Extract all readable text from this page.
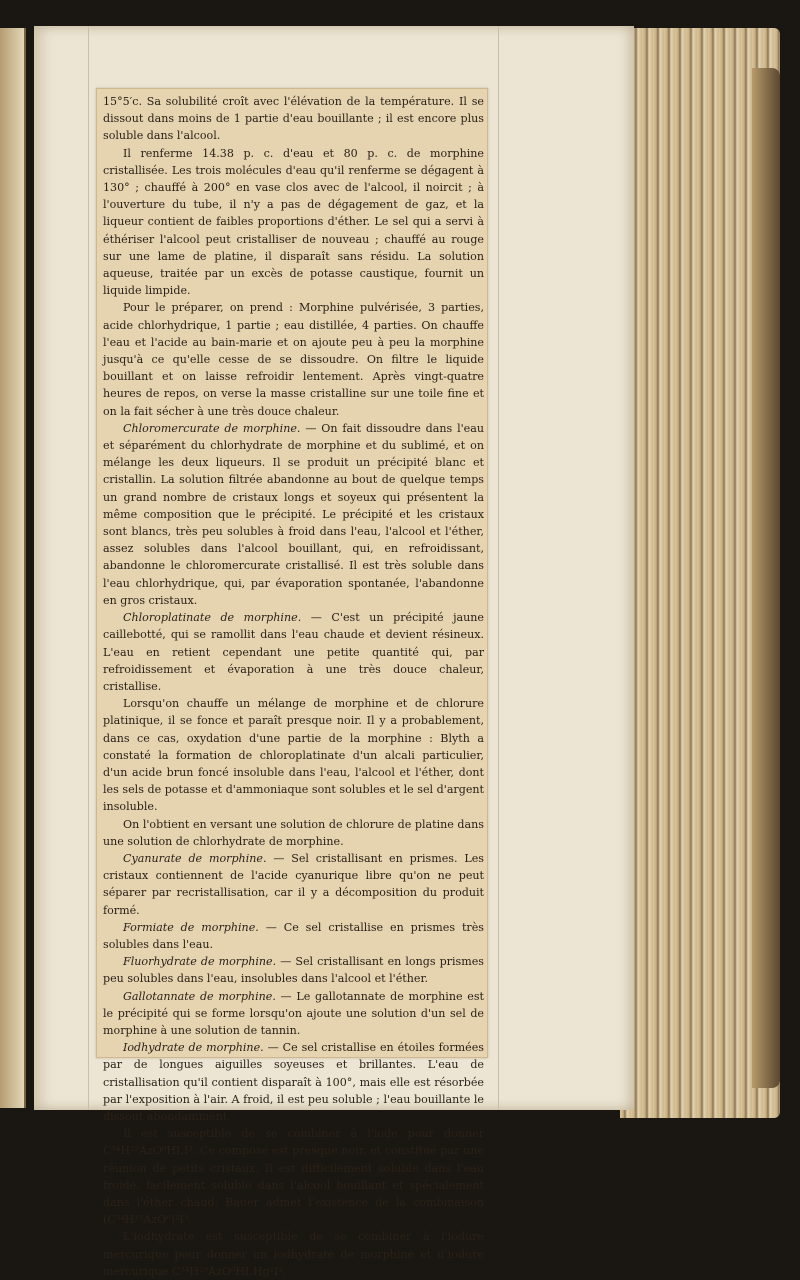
15°5′c. Sa solubilité croît avec l'élévation de la température. Il se dissout dans moins de 1 partie d'eau bouillante ; il est encore plus soluble dans l'alcool.

Il renferme 14.38 p. c. d'eau et 80 p. c. de morphine cristallisée. Les trois molécules d'eau qu'il renferme se dégagent à 130° ; chauffé à 200° en vase clos avec de l'alcool, il noircit ; à l'ouverture du tube, il n'y a pas de dégagement de gaz, et la liqueur contient de faibles proportions d'éther. Le sel qui a servi à éthériser l'alcool peut cristalliser de nouveau ; chauffé au rouge sur une lame de platine, il disparaît sans résidu. La solution aqueuse, traitée par un excès de potasse caustique, fournit un liquide limpide.

Pour le préparer, on prend : Morphine pulvérisée, 3 parties, acide chlorhydrique, 1 partie ; eau distillée, 4 parties. On chauffe l'eau et l'acide au bain-marie et on ajoute peu à peu la morphine jusqu'à ce qu'elle cesse de se dissoudre. On filtre le liquide bouillant et on laisse refroidir lentement. Après vingt-quatre heures de repos, on verse la masse cristalline sur une toile fine et on la fait sécher à une très douce chaleur.

Chloromercurate de morphine. — On fait dissoudre dans l'eau et séparément du chlorhydrate de morphine et du sublimé, et on mélange les deux liqueurs. Il se produit un précipité blanc et cristallin. La solution filtrée abandonne au bout de quelque temps un grand nombre de cristaux longs et soyeux qui présentent la même composition que le précipité. Le précipité et les cristaux sont blancs, très peu solubles à froid dans l'eau, l'alcool et l'éther, assez solubles dans l'alcool bouillant, qui, en refroidissant, abandonne le chloromercurate cristallisé. Il est très soluble dans l'eau chlorhydrique, qui, par évaporation spontanée, l'abandonne en gros cristaux.

Chloroplatinate de morphine. — C'est un précipité jaune caillebotté, qui se ramollit dans l'eau chaude et devient résineux. L'eau en retient cependant une petite quantité qui, par refroidissement et évaporation à une très douce chaleur, cristallise.

Lorsqu'on chauffe un mélange de morphine et de chlorure platinique, il se fonce et paraît presque noir. Il y a probablement, dans ce cas, oxydation d'une partie de la morphine : Blyth a constaté la formation de chloroplatinate d'un alcali particulier, d'un acide brun foncé insoluble dans l'eau, l'alcool et l'éther, dont les sels de potasse et d'ammoniaque sont solubles et le sel d'argent insoluble.

On l'obtient en versant une solution de chlorure de platine dans une solution de chlorhydrate de morphine.

Cyanurate de morphine. — Sel cristallisant en prismes. Les cristaux contiennent de l'acide cyanurique libre qu'on ne peut séparer par recristallisation, car il y a décomposition du produit formé.

Formiate de morphine. — Ce sel cristallise en prismes très solubles dans l'eau.

Fluorhydrate de morphine. — Sel cristallisant en longs prismes peu solubles dans l'eau, insolubles dans l'alcool et l'éther.

Gallotannate de morphine. — Le gallotannate de morphine est le précipité qui se forme lorsqu'on ajoute une solution d'un sel de morphine à une solution de tannin.

Iodhydrate de morphine. — Ce sel cristallise en étoiles formées par de longues aiguilles soyeuses et brillantes. L'eau de cristallisation qu'il contient disparaît à 100°, mais elle est résorbée par l'exposition à l'air. A froid, il est peu soluble ; l'eau bouillante le dissout abondamment.

Il est susceptible de se combiner à l'iode pour donner C³⁴H¹⁹AzO⁶HI,I³. Ce composé est presque noir, et constitué par une réunion de petits cristaux. Il est difficilement soluble dans l'eau froide, facilement soluble dans l'alcool bouillant et spécialement dans l'éther chaud. Bauer admet l'existence de la combinaison (C³⁴H¹⁹AzO⁶)²I³.

L'iodhydrate est susceptible de se combiner à l'iodure mercurique pour donner un iodhydrate de morphine et d'iodure mercurique C³⁴H¹⁹AzO⁶HI,Hg²I².
